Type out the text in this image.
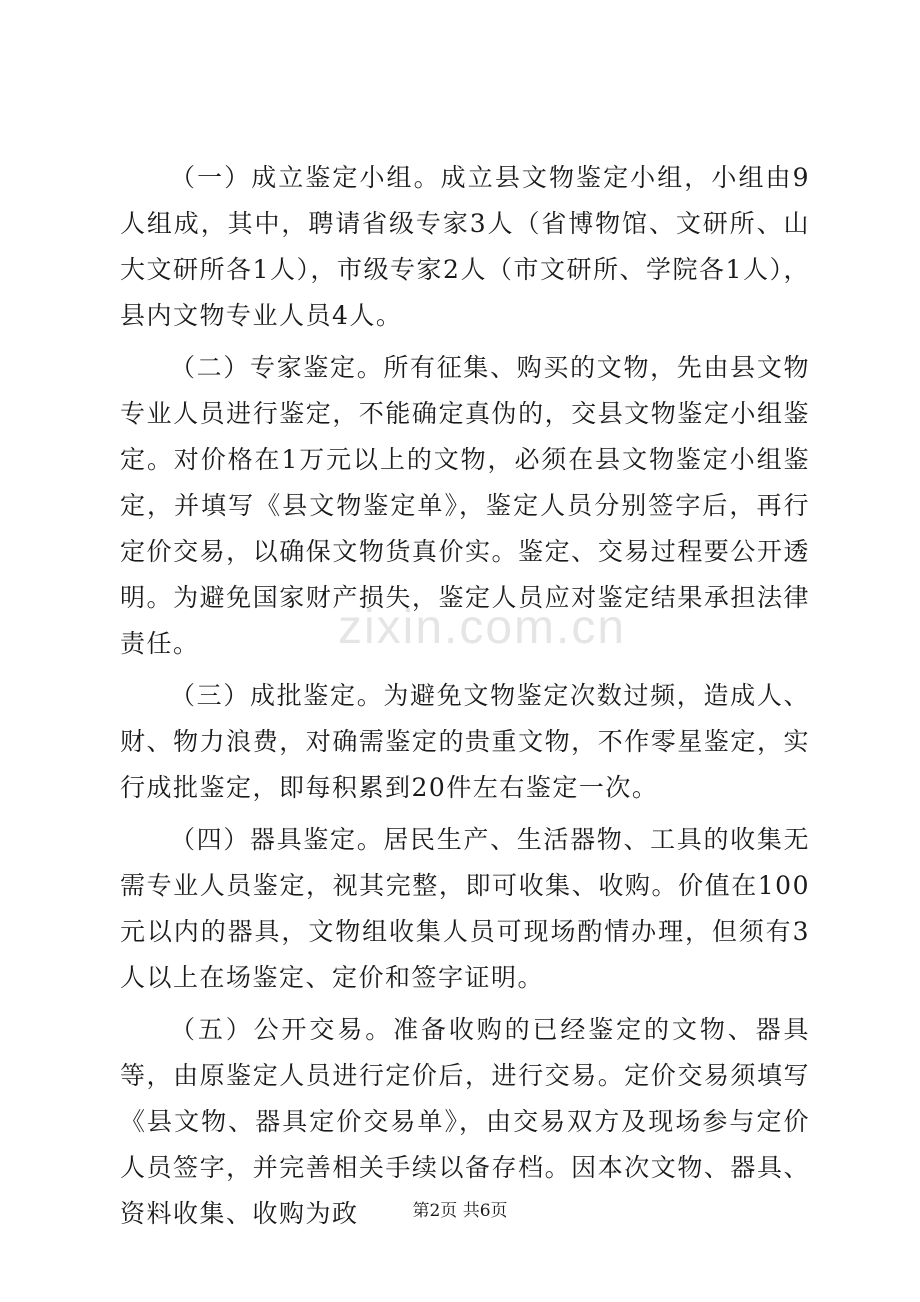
（一）成立鉴定小组。成立县文物鉴定小组，小组由9人组成，其中，聘请省级专家3人（省博物馆、文研所、山大文研所各1人），市级专家2人（市文研所、学院各1人），县内文物专业人员4人。

（二）专家鉴定。所有征集、购买的文物，先由县文物专业人员进行鉴定，不能确定真伪的，交县文物鉴定小组鉴定。对价格在1万元以上的文物，必须在县文物鉴定小组鉴定，并填写《县文物鉴定单》，鉴定人员分别签字后，再行定价交易，以确保文物货真价实。鉴定、交易过程要公开透明。为避免国家财产损失，鉴定人员应对鉴定结果承担法律责任。

（三）成批鉴定。为避免文物鉴定次数过频，造成人、财、物力浪费，对确需鉴定的贵重文物，不作零星鉴定，实行成批鉴定，即每积累到20件左右鉴定一次。

（四）器具鉴定。居民生产、生活器物、工具的收集无需专业人员鉴定，视其完整，即可收集、收购。价值在100元以内的器具，文物组收集人员可现场酌情办理，但须有3人以上在场鉴定、定价和签字证明。

（五）公开交易。准备收购的已经鉴定的文物、器具等，由原鉴定人员进行定价后，进行交易。定价交易须填写《县文物、器具定价交易单》，由交易双方及现场参与定价人员签字，并完善相关手续以备存档。因本次文物、器具、资料收集、收购为政

zixin.com.cn
第2页 共6页
